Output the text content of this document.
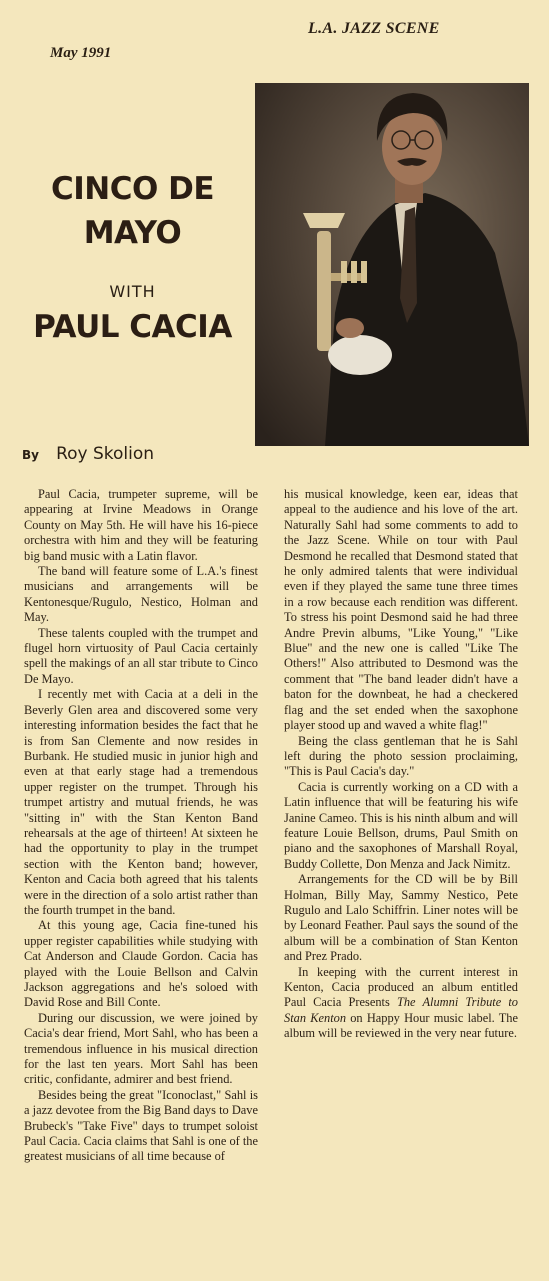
L.A. JAZZ SCENE
May 1991
CINCO DE
MAYO
WITH
PAUL CACIA
By Roy Skolion

Paul Cacia, trumpeter supreme, will be appearing at Irvine Meadows in Orange County on May 5th. He will have his 16-piece orchestra with him and they will be featuring big band music with a Latin flavor.

The band will feature some of L.A.'s finest musicians and arrangements will be Kentonesque/Rugulo, Nestico, Holman and May.

These talents coupled with the trumpet and flugel horn virtuosity of Paul Cacia certainly spell the makings of an all star tribute to Cinco De Mayo.

I recently met with Cacia at a deli in the Beverly Glen area and discovered some very interesting information besides the fact that he is from San Clemente and now resides in Burbank. He studied music in junior high and even at that early stage had a tremendous upper register on the trumpet. Through his trumpet artistry and mutual friends, he was "sitting in" with the Stan Kenton Band rehearsals at the age of thirteen! At sixteen he had the opportunity to play in the trumpet section with the Kenton band; however, Kenton and Cacia both agreed that his talents were in the direction of a solo artist rather than the fourth trumpet in the band.

At this young age, Cacia fine-tuned his upper register capabilities while studying with Cat Anderson and Claude Gordon. Cacia has played with the Louie Bellson and Calvin Jackson aggregations and he's soloed with David Rose and Bill Conte.

During our discussion, we were joined by Cacia's dear friend, Mort Sahl, who has been a tremendous influence in his musical direction for the last ten years. Mort Sahl has been critic, confidante, admirer and best friend.

Besides being the great "Iconoclast," Sahl is a jazz devotee from the Big Band days to Dave Brubeck's "Take Five" days to trumpet soloist Paul Cacia. Cacia claims that Sahl is one of the greatest musicians of all time because of

his musical knowledge, keen ear, ideas that appeal to the audience and his love of the art. Naturally Sahl had some comments to add to the Jazz Scene. While on tour with Paul Desmond he recalled that Desmond stated that he only admired talents that were individual even if they played the same tune three times in a row because each rendition was different. To stress his point Desmond said he had three Andre Previn albums, "Like Young," "Like Blue" and the new one is called "Like The Others!" Also attributed to Desmond was the comment that "The band leader didn't have a baton for the downbeat, he had a checkered flag and the set ended when the saxophone player stood up and waved a white flag!"

Being the class gentleman that he is Sahl left during the photo session proclaiming, "This is Paul Cacia's day."

Cacia is currently working on a CD with a Latin influence that will be featuring his wife Janine Cameo. This is his ninth album and will feature Louie Bellson, drums, Paul Smith on piano and the saxophones of Marshall Royal, Buddy Collette, Don Menza and Jack Nimitz.

Arrangements for the CD will be by Bill Holman, Billy May, Sammy Nestico, Pete Rugulo and Lalo Schiffrin. Liner notes will be by Leonard Feather. Paul says the sound of the album will be a combination of Stan Kenton and Prez Prado.

In keeping with the current interest in Kenton, Cacia produced an album entitled Paul Cacia Presents The Alumni Tribute to Stan Kenton on Happy Hour music label. The album will be reviewed in the very near future.
